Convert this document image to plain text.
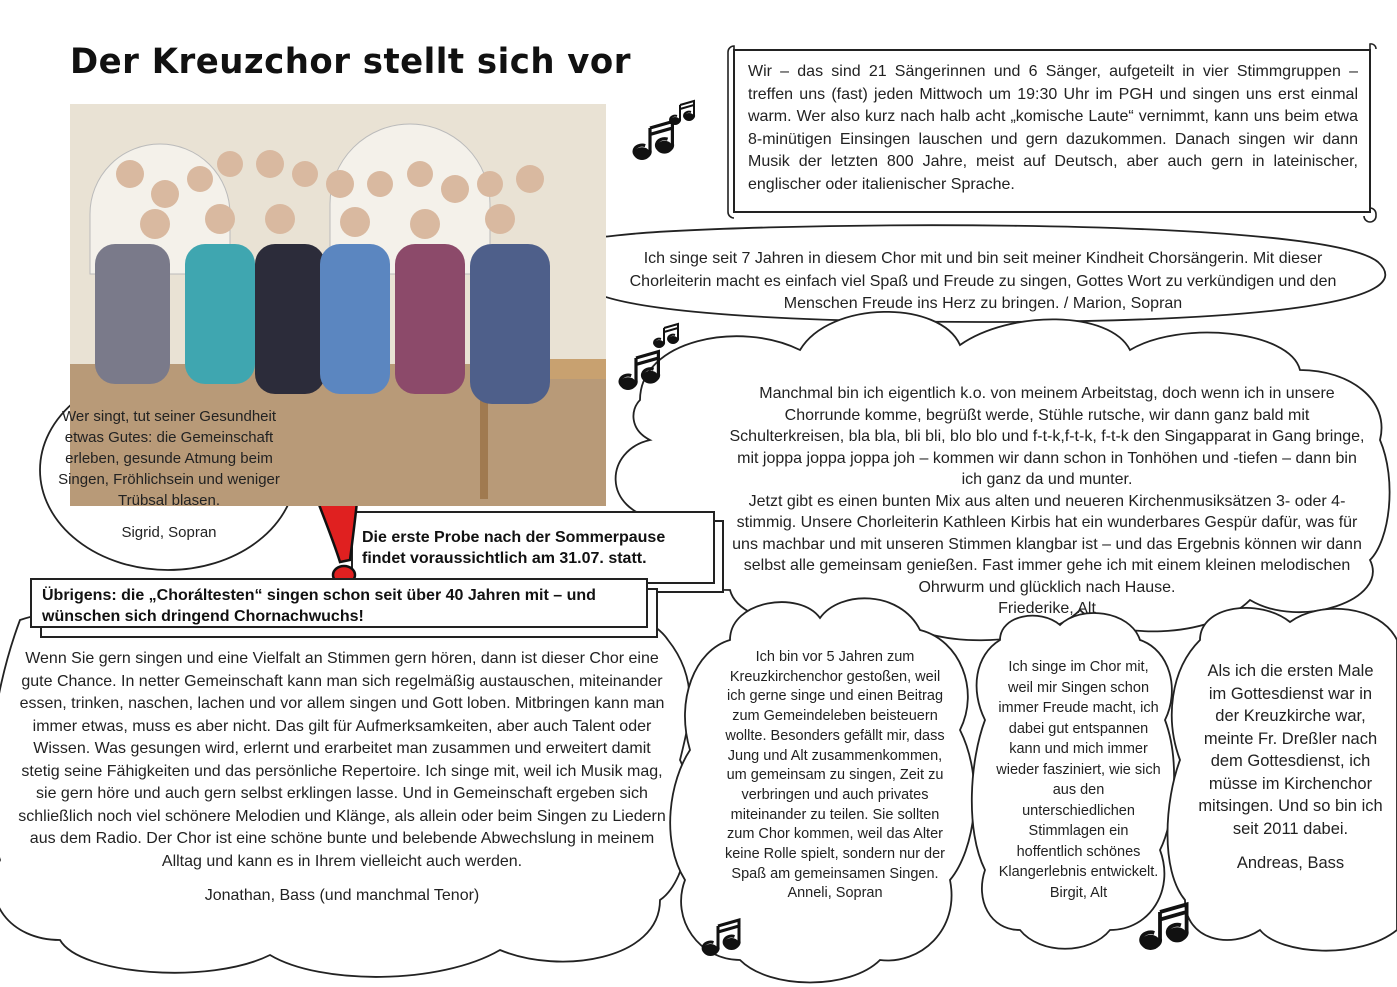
Der Kreuzchor stellt sich vor	Wir – das sind 21 Sängerinnen und 6 Sänger, aufgeteilt in vier Stimmgruppen – treffen uns (fast) jeden Mittwoch um 19:30 Uhr im PGH und singen uns erst einmal warm. Wer also kurz nach halb acht „komische Laute“ vernimmt, kann uns beim etwa 8-minütigen Einsingen lauschen und gern dazukommen. Danach singen wir dann Musik der letzten 800 Jahre, meist auf Deutsch, aber auch gern in lateinischer, englischer oder italienischer Sprache.
Ich singe seit 7 Jahren in diesem Chor mit und bin seit meiner Kindheit Chorsängerin. Mit dieser Chorleiterin macht es einfach viel Spaß und Freude zu singen, Gottes Wort zu verkündigen und den Menschen Freude ins Herz zu bringen. / Marion, Sopran
Wer singt, tut seiner Gesundheit etwas Gutes: die Gemeinschaft erleben, gesunde Atmung beim Singen, Fröhlichsein und weniger Trübsal blasen.
Sigrid, Sopran
Manchmal bin ich eigentlich k.o. von meinem Arbeitstag, doch wenn ich in unsere Chorrunde komme, begrüßt werde, Stühle rutsche, wir dann ganz bald mit Schulterkreisen, bla bla, bli bli, blo blo und f-t-k,f-t-k, f-t-k den Singapparat in Gang bringe, mit joppa joppa joppa joh – kommen wir dann schon in Tonhöhen und -tiefen – dann bin ich ganz da und munter.
Jetzt gibt es einen bunten Mix aus alten und neueren Kirchenmusiksätzen 3- oder 4-stimmig. Unsere Chorleiterin Kathleen Kirbis hat ein wunderbares Gespür dafür, was für uns machbar und mit unseren Stimmen klangbar ist – und das Ergebnis können wir dann selbst alle gemeinsam genießen. Fast immer gehe ich mit einem kleinen melodischen Ohrwurm und glücklich nach Hause.
Friederike, Alt
Die erste Probe nach der Sommerpause findet voraussichtlich am 31.07. statt.
Übrigens: die „Choráltesten“ singen schon seit über 40 Jahren mit – und wünschen sich dringend Chornachwuchs!
Wenn Sie gern singen und eine Vielfalt an Stimmen gern hören, dann ist dieser Chor eine gute Chance. In netter Gemeinschaft kann man sich regelmäßig austauschen, miteinander essen, trinken, naschen, lachen und vor allem singen und Gott loben. Mitbringen kann man immer etwas, muss es aber nicht. Das gilt für Aufmerksamkeiten, aber auch Talent oder Wissen. Was gesungen wird, erlernt und erarbeitet man zusammen und erweitert damit stetig seine Fähigkeiten und das persönliche Repertoire. Ich singe mit, weil ich Musik mag, sie gern höre und auch gern selbst erklingen lasse. Und in Gemeinschaft ergeben sich schließlich noch viel schönere Melodien und Klänge, als allein oder beim Singen zu Liedern aus dem Radio. Der Chor ist eine schöne bunte und belebende Abwechslung in meinem Alltag und kann es in Ihrem vielleicht auch werden.
Jonathan, Bass (und manchmal Tenor)
Ich bin vor 5 Jahren zum Kreuzkirchenchor gestoßen, weil ich gerne singe und einen Beitrag zum Gemeindeleben beisteuern wollte. Besonders gefällt mir, dass Jung und Alt zusammenkommen, um gemeinsam zu singen, Zeit zu verbringen und auch privates miteinander zu teilen. Sie sollten zum Chor kommen, weil das Alter keine Rolle spielt, sondern nur der Spaß am gemeinsamen Singen.
Anneli, Sopran
Ich singe im Chor mit, weil mir Singen schon immer Freude macht, ich dabei gut entspannen kann und mich immer wieder fasziniert, wie sich aus den unterschiedlichen Stimmlagen ein hoffentlich schönes Klangerlebnis entwickelt.
Birgit, Alt
Als ich die ersten Male im Gottesdienst war in der Kreuzkirche war, meinte Fr. Dreßler nach dem Gottesdienst, ich müsse im Kirchenchor mitsingen. Und so bin ich seit 2011 dabei.
Andreas, Bass
